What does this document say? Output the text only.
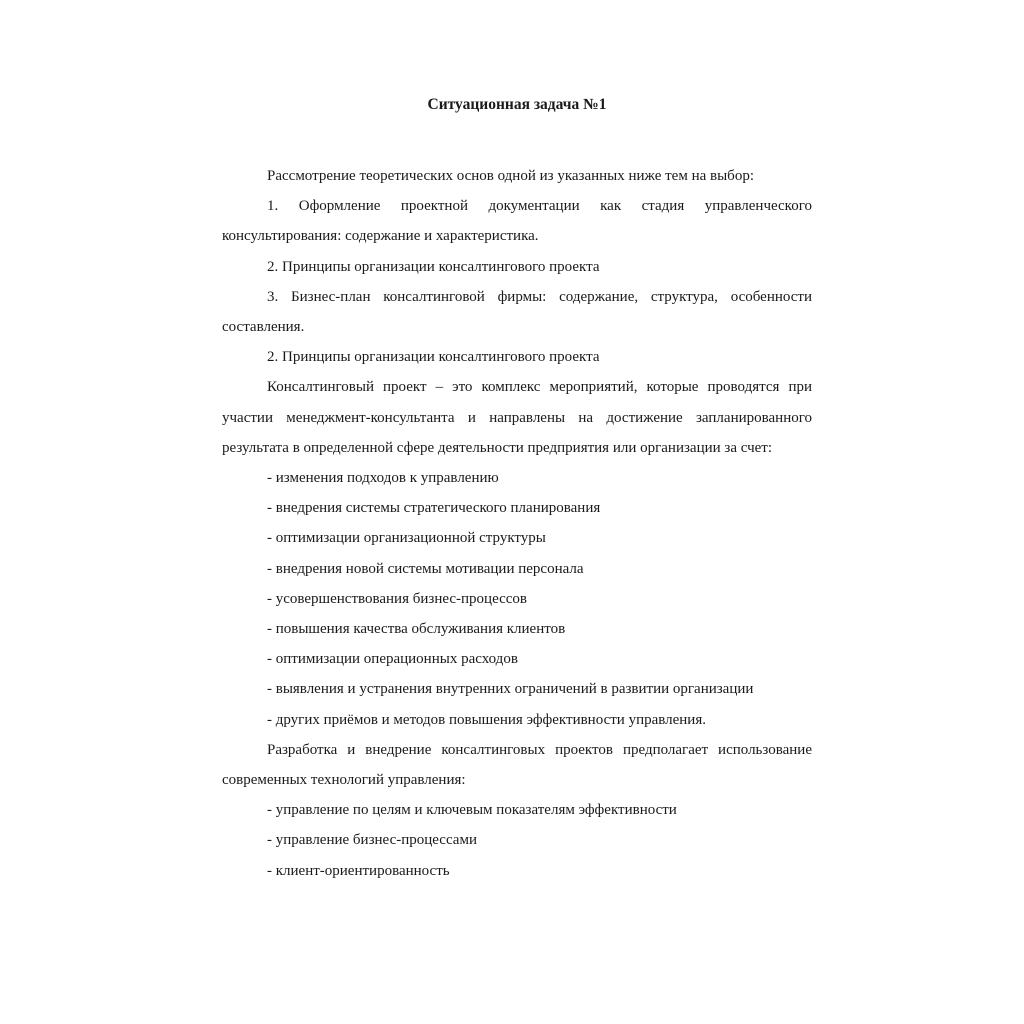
Ситуационная задача №1

Рассмотрение теоретических основ одной из указанных ниже тем на выбор:

1. Оформление проектной документации как стадия управленческого консультирования: содержание и характеристика.

2. Принципы организации консалтингового проекта

3. Бизнес-план консалтинговой фирмы: содержание, структура, особенности составления.

2. Принципы организации консалтингового проекта

Консалтинговый проект – это комплекс мероприятий, которые проводятся при участии менеджмент-консультанта и направлены на достижение запланированного результата в определенной сфере деятельности предприятия или организации за счет:

- изменения подходов к управлению

- внедрения системы стратегического планирования

- оптимизации организационной структуры

- внедрения новой системы мотивации персонала

- усовершенствования бизнес-процессов

- повышения качества обслуживания клиентов

- оптимизации операционных расходов

- выявления и устранения внутренних ограничений в развитии организации

- других приёмов и методов повышения эффективности управления.

Разработка и внедрение консалтинговых проектов предполагает использование современных технологий управления:

- управление по целям и ключевым показателям эффективности

- управление бизнес-процессами

- клиент-ориентированность
